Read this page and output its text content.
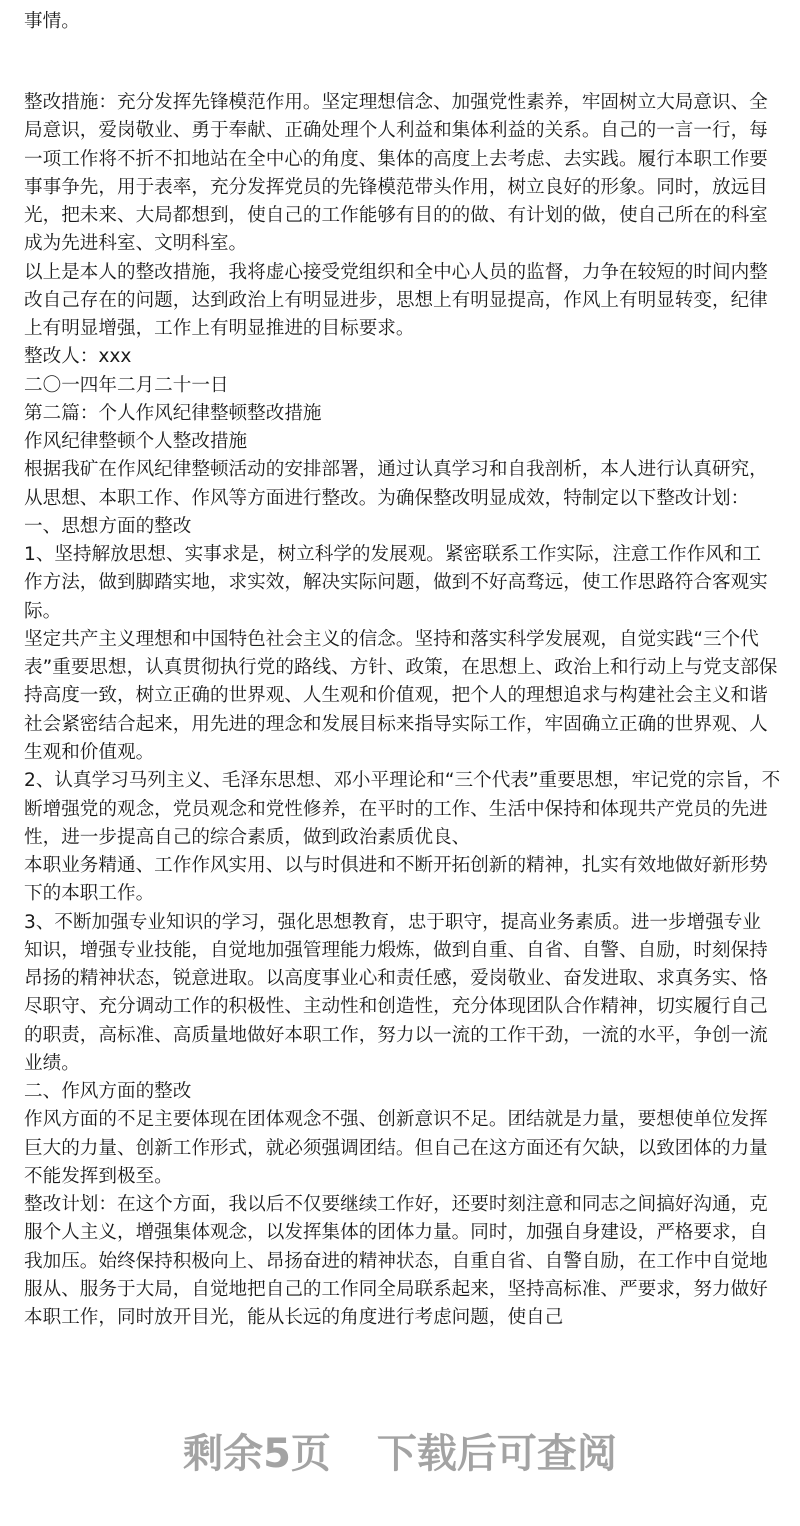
事情。
整改措施：充分发挥先锋模范作用。坚定理想信念、加强党性素养，牢固树立大局意识、全
局意识，爱岗敬业、勇于奉献、正确处理个人利益和集体利益的关系。自己的一言一行，每
一项工作将不折不扣地站在全中心的角度、集体的高度上去考虑、去实践。履行本职工作要
事事争先，用于表率，充分发挥党员的先锋模范带头作用，树立良好的形象。同时，放远目
光，把未来、大局都想到，使自己的工作能够有目的的做、有计划的做，使自己所在的科室
成为先进科室、文明科室。
以上是本人的整改措施，我将虚心接受党组织和全中心人员的监督，力争在较短的时间内整
改自己存在的问题，达到政治上有明显进步，思想上有明显提高，作风上有明显转变，纪律
上有明显增强，工作上有明显推进的目标要求。
整改人：xxx
二〇一四年二月二十一日
第二篇：个人作风纪律整顿整改措施
作风纪律整顿个人整改措施
根据我矿在作风纪律整顿活动的安排部署，通过认真学习和自我剖析，本人进行认真研究，
从思想、本职工作、作风等方面进行整改。为确保整改明显成效，特制定以下整改计划：
一、思想方面的整改
1、坚持解放思想、实事求是，树立科学的发展观。紧密联系工作实际，注意工作作风和工
作方法，做到脚踏实地，求实效，解决实际问题，做到不好高骛远，使工作思路符合客观实
际。
坚定共产主义理想和中国特色社会主义的信念。坚持和落实科学发展观，自觉实践“三个代
表”重要思想，认真贯彻执行党的路线、方针、政策，在思想上、政治上和行动上与党支部保
持高度一致，树立正确的世界观、人生观和价值观，把个人的理想追求与构建社会主义和谐
社会紧密结合起来，用先进的理念和发展目标来指导实际工作，牢固确立正确的世界观、人
生观和价值观。
2、认真学习马列主义、毛泽东思想、邓小平理论和“三个代表”重要思想，牢记党的宗旨，不
断增强党的观念，党员观念和党性修养，在平时的工作、生活中保持和体现共产党员的先进
性，进一步提高自己的综合素质，做到政治素质优良、
本职业务精通、工作作风实用、以与时俱进和不断开拓创新的精神，扎实有效地做好新形势
下的本职工作。
3、不断加强专业知识的学习，强化思想教育，忠于职守，提高业务素质。进一步增强专业
知识，增强专业技能，自觉地加强管理能力煅炼，做到自重、自省、自警、自励，时刻保持
昂扬的精神状态，锐意进取。以高度事业心和责任感，爱岗敬业、奋发进取、求真务实、恪
尽职守、充分调动工作的积极性、主动性和创造性，充分体现团队合作精神，切实履行自己
的职责，高标准、高质量地做好本职工作，努力以一流的工作干劲，一流的水平，争创一流
业绩。
二、作风方面的整改
作风方面的不足主要体现在团体观念不强、创新意识不足。团结就是力量，要想使单位发挥
巨大的力量、创新工作形式，就必须强调团结。但自己在这方面还有欠缺，以致团体的力量
不能发挥到极至。
整改计划：在这个方面，我以后不仅要继续工作好，还要时刻注意和同志之间搞好沟通，克
服个人主义，增强集体观念，以发挥集体的团体力量。同时，加强自身建设，严格要求，自
我加压。始终保持积极向上、昂扬奋进的精神状态，自重自省、自警自励，在工作中自觉地
服从、服务于大局，自觉地把自己的工作同全局联系起来，坚持高标准、严要求，努力做好
本职工作，同时放开目光，能从长远的角度进行考虑问题，使自己
剩余5页 下载后可查阅
